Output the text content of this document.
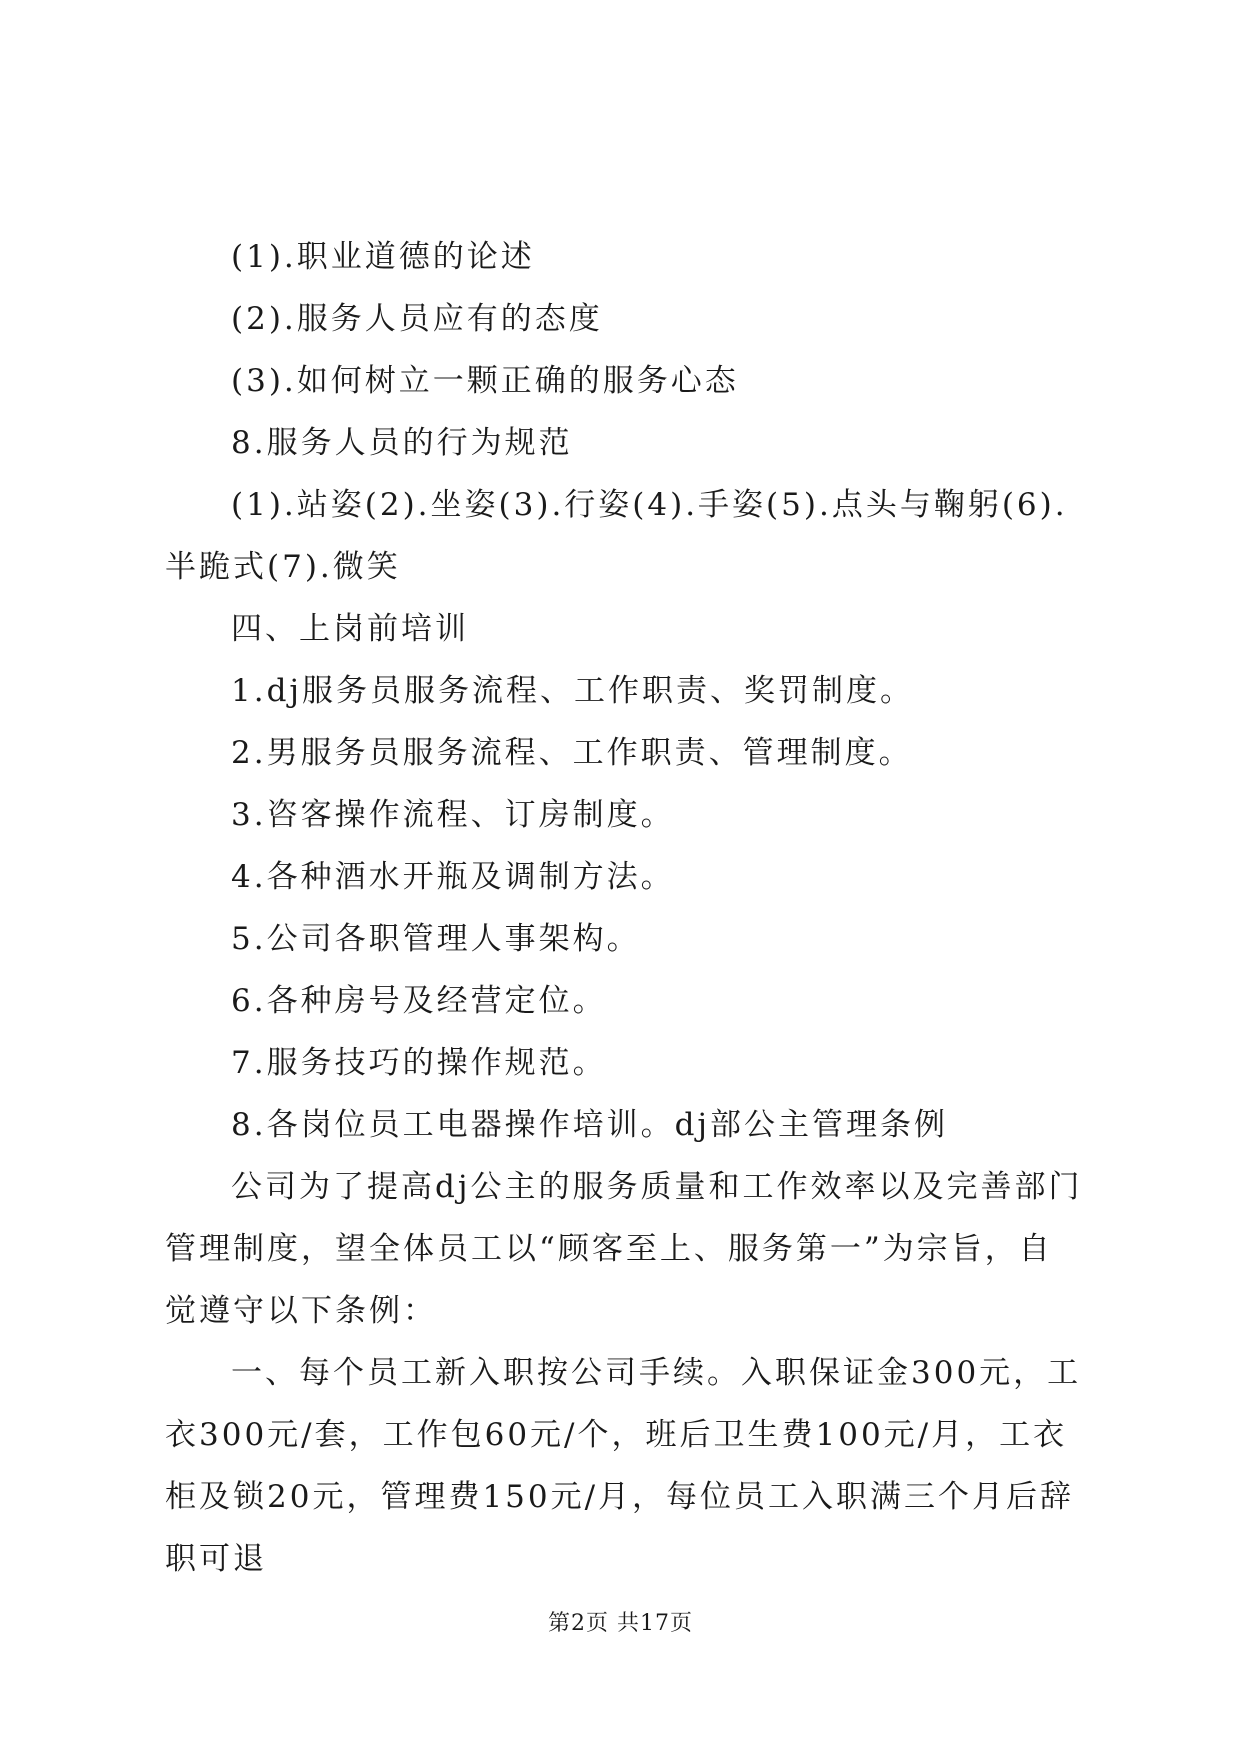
(1).职业道德的论述

(2).服务人员应有的态度

(3).如何树立一颗正确的服务心态

8.服务人员的行为规范

(1).站姿(2).坐姿(3).行姿(4).手姿(5).点头与鞠躬(6).半跪式(7).微笑

四、上岗前培训

1.dj服务员服务流程、工作职责、奖罚制度。

2.男服务员服务流程、工作职责、管理制度。

3.咨客操作流程、订房制度。

4.各种酒水开瓶及调制方法。

5.公司各职管理人事架构。

6.各种房号及经营定位。

7.服务技巧的操作规范。

8.各岗位员工电器操作培训。dj部公主管理条例

公司为了提高dj公主的服务质量和工作效率以及完善部门管理制度，望全体员工以“顾客至上、服务第一”为宗旨，自觉遵守以下条例：

一、每个员工新入职按公司手续。入职保证金300元，工衣300元/套，工作包60元/个，班后卫生费100元/月，工衣柜及锁20元，管理费150元/月，每位员工入职满三个月后辞职可退

第2页 共17页
